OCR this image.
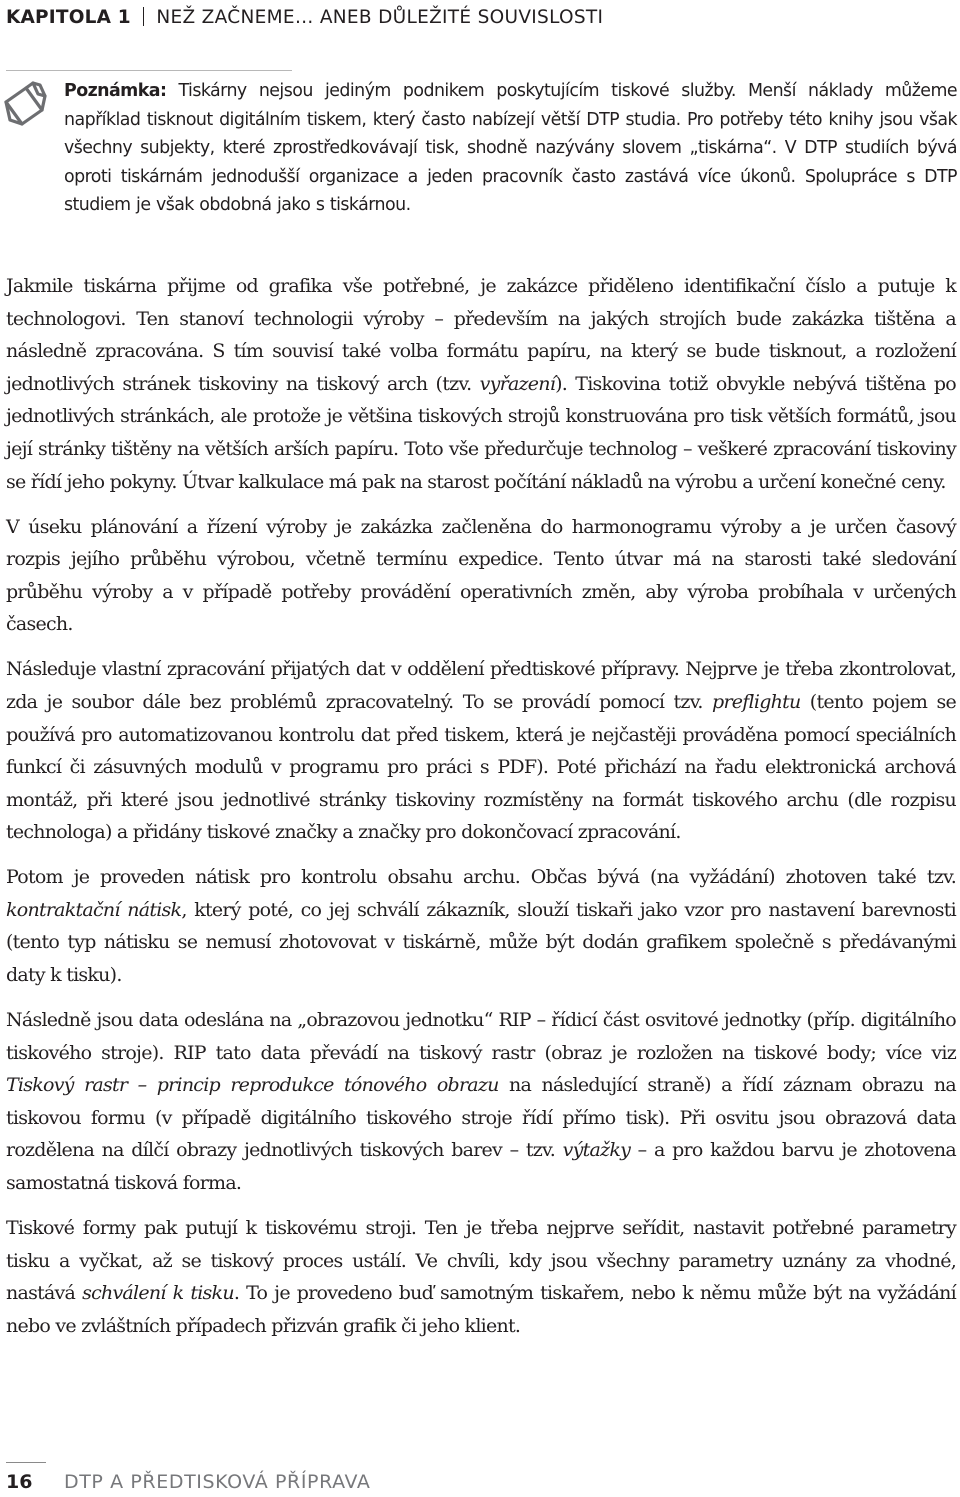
KAPITOLA 1 NEŽ ZAČNEME… ANEB DŮLEŽITÉ SOUVISLOSTI
Poznámka: Tiskárny nejsou jediným podnikem poskytujícím tiskové služby. Menší náklady můžeme například tisknout digitálním tiskem, který často nabízejí větší DTP studia. Pro potřeby této knihy jsou však všechny subjekty, které zprostředkovávají tisk, shodně nazývány slovem „tiskárna“. V DTP studiích bývá oproti tiskárnám jednodušší organizace a jeden pracovník často zastává více úkonů. Spolupráce s DTP studiem je však obdobná jako s tiskárnou.

Jakmile tiskárna přijme od grafika vše potřebné, je zakázce přiděleno identifikační číslo a putuje k technologovi. Ten stanoví technologii výroby – především na jakých strojích bude zakázka tištěna a následně zpracována. S tím souvisí také volba formátu papíru, na který se bude tisknout, a rozložení jednotlivých stránek tiskoviny na tiskový arch (tzv. vyřazení). Tiskovina totiž obvykle nebývá tištěna po jednotlivých stránkách, ale protože je většina tiskových strojů konstruována pro tisk větších formátů, jsou její stránky tištěny na větších arších papíru. Toto vše předurčuje technolog – veškeré zpracování tiskoviny se řídí jeho pokyny. Útvar kalkulace má pak na starost počítání nákladů na výrobu a určení konečné ceny.

V úseku plánování a řízení výroby je zakázka začleněna do harmonogramu výroby a je určen časový rozpis jejího průběhu výrobou, včetně termínu expedice. Tento útvar má na starosti také sledování průběhu výroby a v případě potřeby provádění operativních změn, aby výroba probíhala v určených časech.

Následuje vlastní zpracování přijatých dat v oddělení předtiskové přípravy. Nejprve je třeba zkontrolovat, zda je soubor dále bez problémů zpracovatelný. To se provádí pomocí tzv. preflightu (tento pojem se používá pro automatizovanou kontrolu dat před tiskem, která je nejčastěji prováděna pomocí speciálních funkcí či zásuvných modulů v programu pro práci s PDF). Poté přichází na řadu elektronická archová montáž, při které jsou jednotlivé stránky tiskoviny rozmístěny na formát tiskového archu (dle rozpisu technologa) a přidány tiskové značky a značky pro dokončovací zpracování.

Potom je proveden nátisk pro kontrolu obsahu archu. Občas bývá (na vyžádání) zhotoven také tzv. kontraktační nátisk, který poté, co jej schválí zákazník, slouží tiskaři jako vzor pro nastavení barevnosti (tento typ nátisku se nemusí zhotovovat v tiskárně, může být dodán grafikem společně s předávanými daty k tisku).

Následně jsou data odeslána na „obrazovou jednotku“ RIP – řídicí část osvitové jednotky (příp. digitálního tiskového stroje). RIP tato data převádí na tiskový rastr (obraz je rozložen na tiskové body; více viz Tiskový rastr – princip reprodukce tónového obrazu na následující straně) a řídí záznam obrazu na tiskovou formu (v případě digitálního tiskového stroje řídí přímo tisk). Při osvitu jsou obrazová data rozdělena na dílčí obrazy jednotlivých tiskových barev – tzv. výtažky – a pro každou barvu je zhotovena samostatná tisková forma.

Tiskové formy pak putují k tiskovému stroji. Ten je třeba nejprve seřídit, nastavit potřebné parametry tisku a vyčkat, až se tiskový proces ustálí. Ve chvíli, kdy jsou všechny parametry uznány za vhodné, nastává schválení k tisku. To je provedeno buď samotným tiskařem, nebo k němu může být na vyžádání nebo ve zvláštních případech přizván grafik či jeho klient.

16 DTP A PŘEDTISKOVÁ PŘÍPRAVA
